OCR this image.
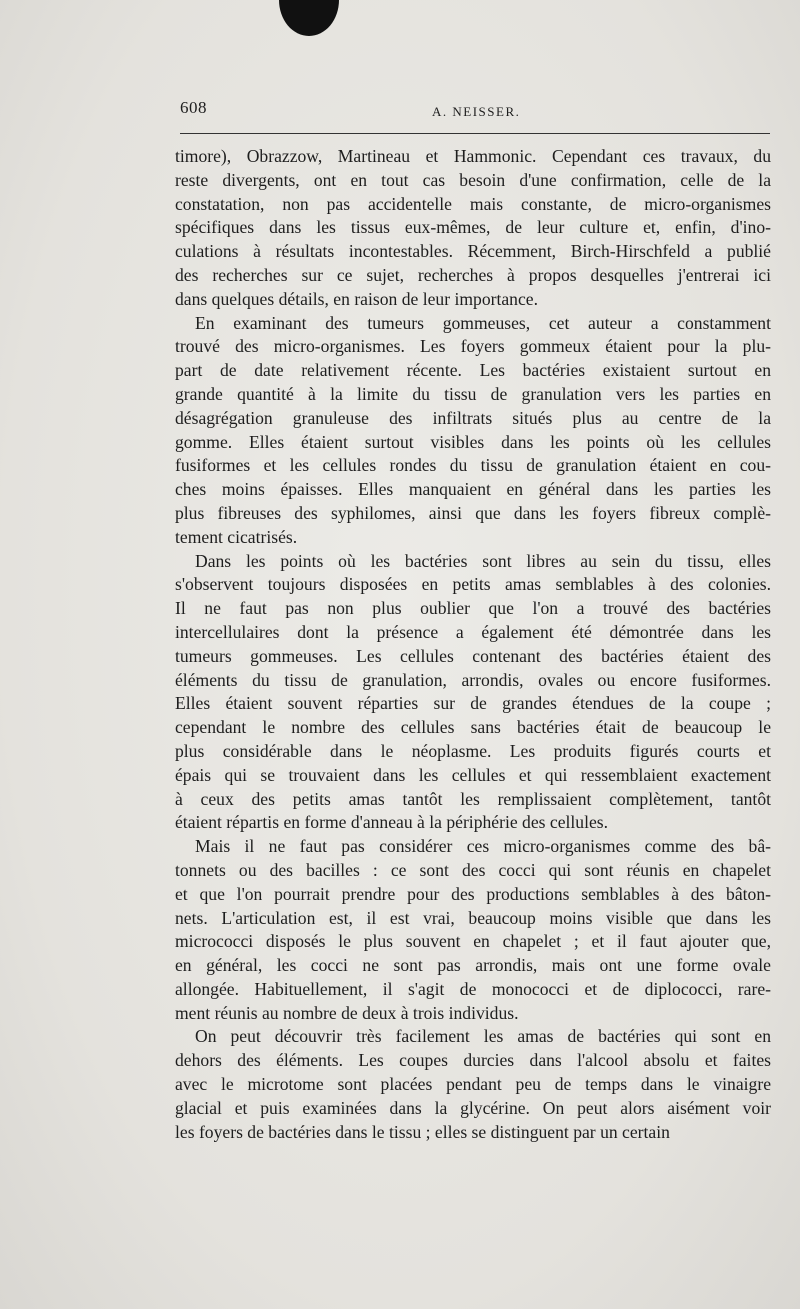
608	A. NEISSER.
timore), Obrazzow, Martineau et Hammonic. Cependant ces travaux, du
reste divergents, ont en tout cas besoin d'une confirmation, celle de la
constatation, non pas accidentelle mais constante, de micro-organismes
spécifiques dans les tissus eux-mêmes, de leur culture et, enfin, d'ino-
culations à résultats incontestables. Récemment, Birch-Hirschfeld a publié
des recherches sur ce sujet, recherches à propos desquelles j'entrerai ici
dans quelques détails, en raison de leur importance.
En examinant des tumeurs gommeuses, cet auteur a constamment
trouvé des micro-organismes. Les foyers gommeux étaient pour la plu-
part de date relativement récente. Les bactéries existaient surtout en
grande quantité à la limite du tissu de granulation vers les parties en
désagrégation granuleuse des infiltrats situés plus au centre de la
gomme. Elles étaient surtout visibles dans les points où les cellules
fusiformes et les cellules rondes du tissu de granulation étaient en cou-
ches moins épaisses. Elles manquaient en général dans les parties les
plus fibreuses des syphilomes, ainsi que dans les foyers fibreux complè-
tement cicatrisés.
Dans les points où les bactéries sont libres au sein du tissu, elles
s'observent toujours disposées en petits amas semblables à des colonies.
Il ne faut pas non plus oublier que l'on a trouvé des bactéries
intercellulaires dont la présence a également été démontrée dans les
tumeurs gommeuses. Les cellules contenant des bactéries étaient des
éléments du tissu de granulation, arrondis, ovales ou encore fusiformes.
Elles étaient souvent réparties sur de grandes étendues de la coupe ;
cependant le nombre des cellules sans bactéries était de beaucoup le
plus considérable dans le néoplasme. Les produits figurés courts et
épais qui se trouvaient dans les cellules et qui ressemblaient exactement
à ceux des petits amas tantôt les remplissaient complètement, tantôt
étaient répartis en forme d'anneau à la périphérie des cellules.
Mais il ne faut pas considérer ces micro-organismes comme des bâ-
tonnets ou des bacilles : ce sont des cocci qui sont réunis en chapelet
et que l'on pourrait prendre pour des productions semblables à des bâton-
nets. L'articulation est, il est vrai, beaucoup moins visible que dans les
micrococci disposés le plus souvent en chapelet ; et il faut ajouter que,
en général, les cocci ne sont pas arrondis, mais ont une forme ovale
allongée. Habituellement, il s'agit de monococci et de diplococci, rare-
ment réunis au nombre de deux à trois individus.
On peut découvrir très facilement les amas de bactéries qui sont en
dehors des éléments. Les coupes durcies dans l'alcool absolu et faites
avec le microtome sont placées pendant peu de temps dans le vinaigre
glacial et puis examinées dans la glycérine. On peut alors aisément voir
les foyers de bactéries dans le tissu ; elles se distinguent par un certain
